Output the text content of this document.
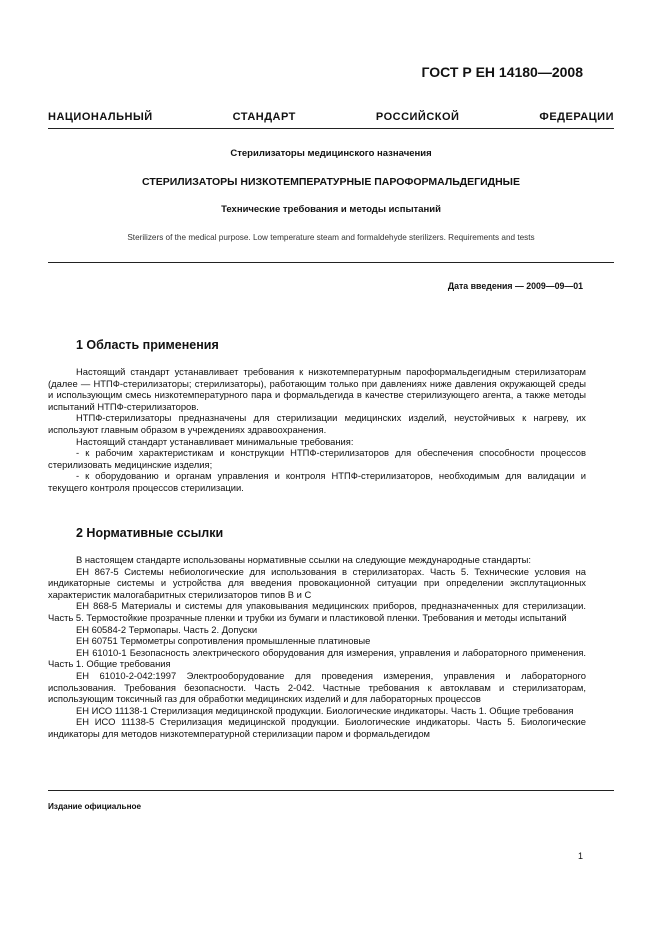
ГОСТ Р ЕН 14180—2008
НАЦИОНАЛЬНЫЙ СТАНДАРТ РОССИЙСКОЙ ФЕДЕРАЦИИ
Стерилизаторы медицинского назначения
СТЕРИЛИЗАТОРЫ НИЗКОТЕМПЕРАТУРНЫЕ ПАРОФОРМАЛЬДЕГИДНЫЕ
Технические требования и методы испытаний
Sterilizers of the medical purpose. Low temperature steam and formaldehyde sterilizers. Requirements and tests
Дата введения — 2009—09—01
1 Область применения

Настоящий стандарт устанавливает требования к низкотемпературным пароформальдегидным стерилизаторам (далее — НТПФ-стерилизаторы; стерилизаторы), работающим только при давлениях ниже давления окружающей среды и использующим смесь низкотемпературного пара и формальдегида в качестве стерилизующего агента, а также методы испытаний НТПФ-стерилизаторов.

НТПФ-стерилизаторы предназначены для стерилизации медицинских изделий, неустойчивых к нагреву, их используют главным образом в учреждениях здравоохранения.

Настоящий стандарт устанавливает минимальные требования:

- к рабочим характеристикам и конструкции НТПФ-стерилизаторов для обеспечения способности процессов стерилизовать медицинские изделия;

- к оборудованию и органам управления и контроля НТПФ-стерилизаторов, необходимым для валидации и текущего контроля процессов стерилизации.

2 Нормативные ссылки

В настоящем стандарте использованы нормативные ссылки на следующие международные стандарты:

ЕН 867-5 Системы небиологические для использования в стерилизаторах. Часть 5. Технические условия на индикаторные системы и устройства для введения провокационной ситуации при определении эксплутационных характеристик малогабаритных стерилизаторов типов В и С

ЕН 868-5 Материалы и системы для упаковывания медицинских приборов, предназначенных для стерилизации. Часть 5. Термостойкие прозрачные пленки и трубки из бумаги и пластиковой пленки. Требования и методы испытаний

ЕН 60584-2 Термопары. Часть 2. Допуски

ЕН 60751 Термометры сопротивления промышленные платиновые

ЕН 61010-1 Безопасность электрического оборудования для измерения, управления и лабораторного применения. Часть 1. Общие требования

ЕН 61010-2-042:1997 Электрооборудование для проведения измерения, управления и лабораторного использования. Требования безопасности. Часть 2-042. Частные требования к автоклавам и стерилизаторам, использующим токсичный газ для обработки медицинских изделий и для лабораторных процессов

ЕН ИСО 11138-1 Стерилизация медицинской продукции. Биологические индикаторы. Часть 1. Общие требования

ЕН ИСО 11138-5 Стерилизация медицинской продукции. Биологические индикаторы. Часть 5. Биологические индикаторы для методов низкотемпературной стерилизации паром и формальдегидом

Издание официальное
1
